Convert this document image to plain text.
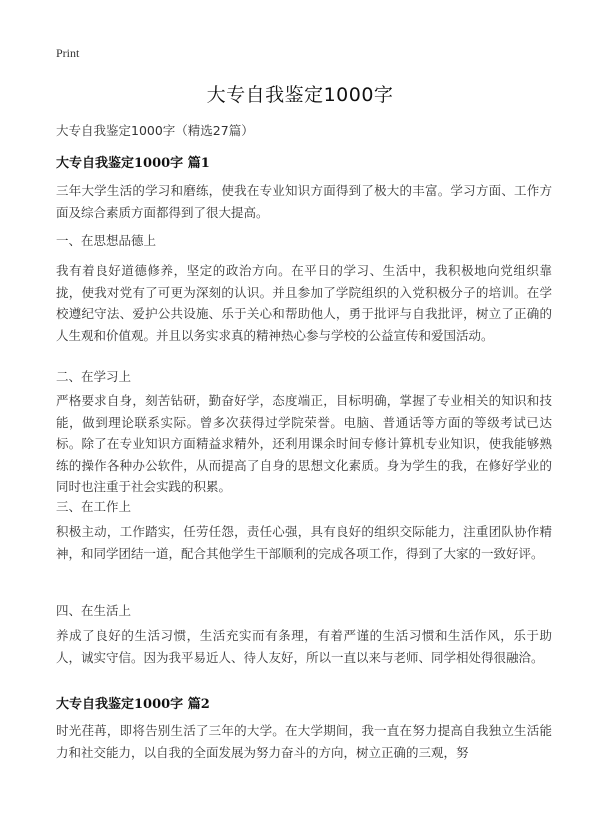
Print
大专自我鉴定1000字
大专自我鉴定1000字（精选27篇）
大专自我鉴定1000字 篇1

三年大学生活的学习和磨练，使我在专业知识方面得到了极大的丰富。学习方面、工作方面及综合素质方面都得到了很大提高。

一、在思想品德上

我有着良好道德修养，坚定的政治方向。在平日的学习、生活中，我积极地向党组织靠拢，使我对党有了可更为深刻的认识。并且参加了学院组织的入党积极分子的培训。在学校遵纪守法、爱护公共设施、乐于关心和帮助他人，勇于批评与自我批评，树立了正确的人生观和价值观。并且以务实求真的精神热心参与学校的公益宣传和爱国活动。

二、在学习上

严格要求自身，刻苦钻研，勤奋好学，态度端正，目标明确，掌握了专业相关的知识和技能，做到理论联系实际。曾多次获得过学院荣誉。电脑、普通话等方面的等级考试已达标。除了在专业知识方面精益求精外，还利用课余时间专修计算机专业知识，使我能够熟练的操作各种办公软件，从而提高了自身的思想文化素质。身为学生的我，在修好学业的同时也注重于社会实践的积累。

三、在工作上

积极主动，工作踏实，任劳任怨，责任心强，具有良好的组织交际能力，注重团队协作精神，和同学团结一道，配合其他学生干部顺利的完成各项工作，得到了大家的一致好评。

四、在生活上

养成了良好的生活习惯，生活充实而有条理，有着严谨的生活习惯和生活作风，乐于助人，诚实守信。因为我平易近人、待人友好，所以一直以来与老师、同学相处得很融洽。

大专自我鉴定1000字 篇2

时光荏苒，即将告别生活了三年的大学。在大学期间，我一直在努力提高自我独立生活能力和社交能力，以自我的全面发展为努力奋斗的方向，树立正确的三观，努
